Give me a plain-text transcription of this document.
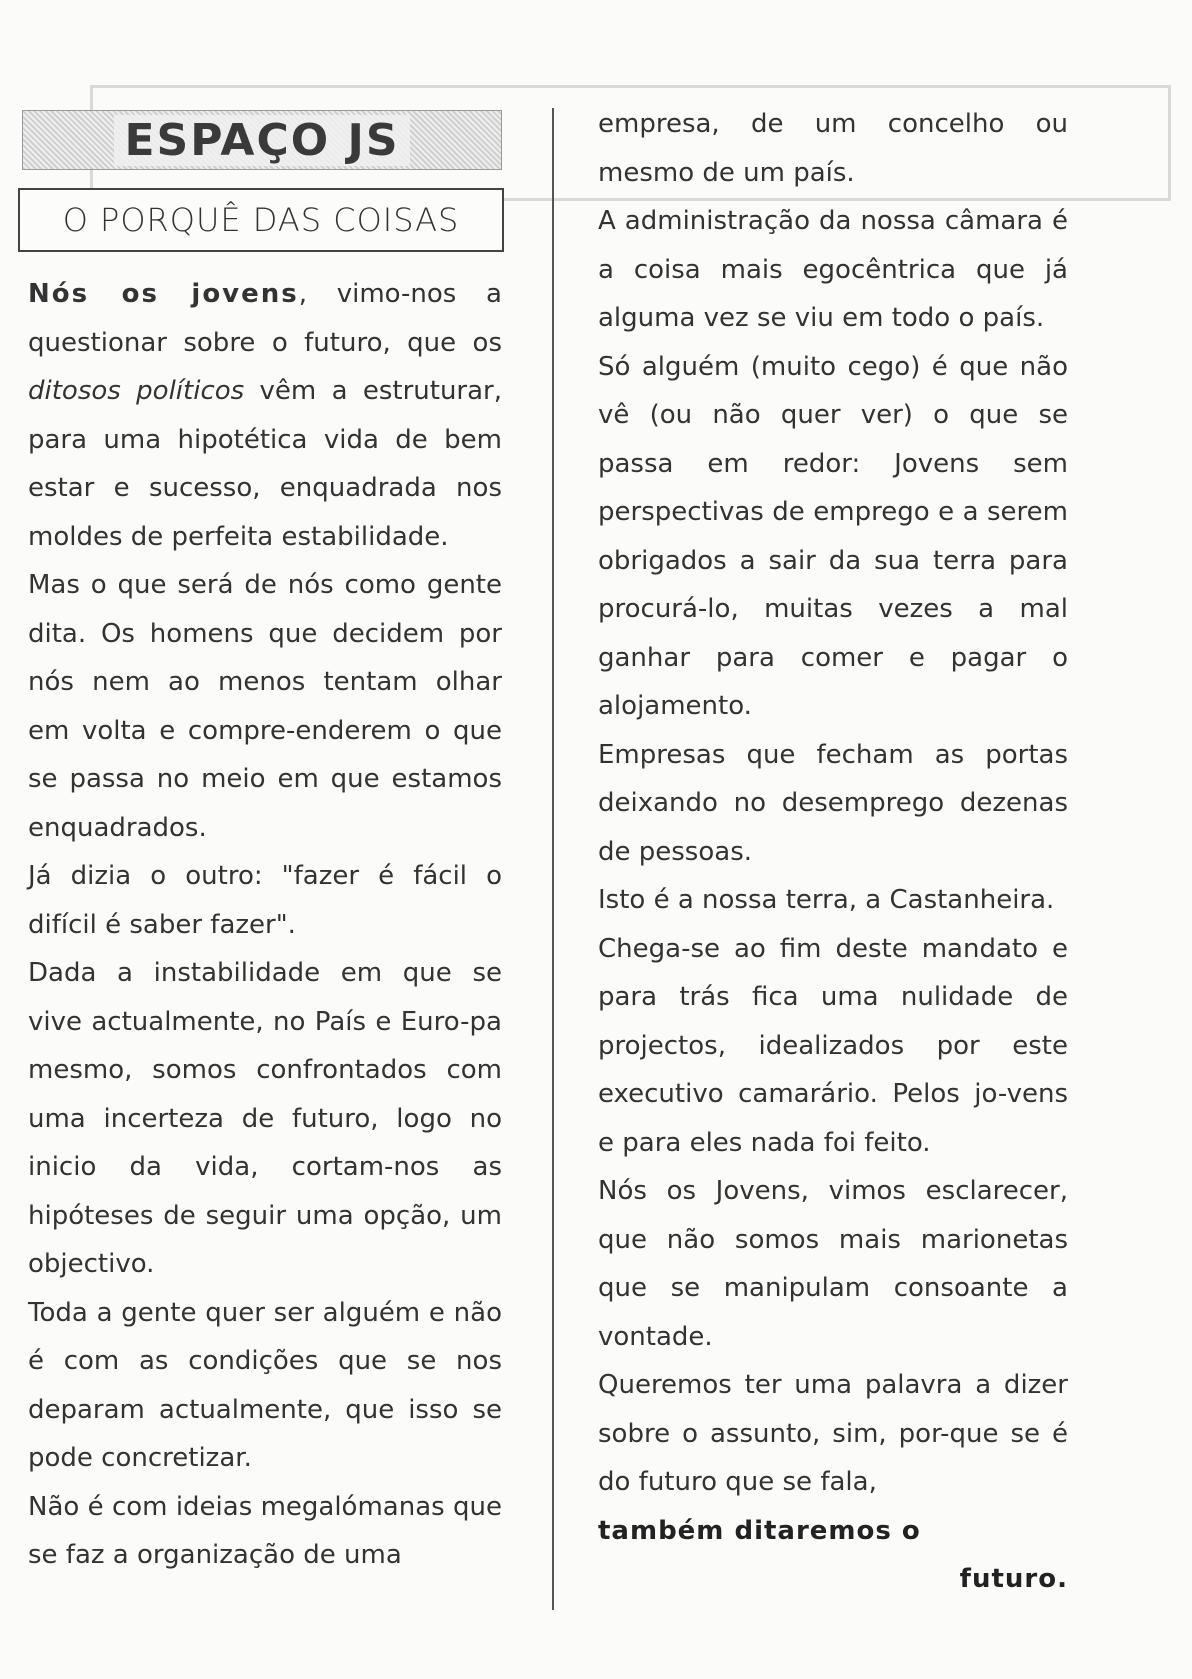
ESPAÇO JS
O PORQUÊ DAS COISAS

Nós os jovens, vimo-nos a questionar sobre o futuro, que os ditosos políticos vêm a estruturar, para uma hipotética vida de bem estar e sucesso, enquadrada nos moldes de perfeita estabilidade.

Mas o que será de nós como gente dita. Os homens que decidem por nós nem ao menos tentam olhar em volta e compre-enderem o que se passa no meio em que estamos enquadrados.

Já dizia o outro: "fazer é fácil o difícil é saber fazer".

Dada a instabilidade em que se vive actualmente, no País e Euro-pa mesmo, somos confrontados com uma incerteza de futuro, logo no inicio da vida, cortam-nos as hipóteses de seguir uma opção, um objectivo.

Toda a gente quer ser alguém e não é com as condições que se nos deparam actualmente, que isso se pode concretizar.

Não é com ideias megalómanas que se faz a organização de uma

empresa, de um concelho ou mesmo de um país.

A administração da nossa câmara é a coisa mais egocêntrica que já alguma vez se viu em todo o país.

Só alguém (muito cego) é que não vê (ou não quer ver) o que se passa em redor: Jovens sem perspectivas de emprego e a serem obrigados a sair da sua terra para procurá-lo, muitas vezes a mal ganhar para comer e pagar o alojamento.

Empresas que fecham as portas deixando no desemprego dezenas de pessoas.

Isto é a nossa terra, a Castanheira.

Chega-se ao fim deste mandato e para trás fica uma nulidade de projectos, idealizados por este executivo camarário. Pelos jo-vens e para eles nada foi feito.

Nós os Jovens, vimos esclarecer, que não somos mais marionetas que se manipulam consoante a vontade.

Queremos ter uma palavra a dizer sobre o assunto, sim, por-que se é do futuro que se fala,

também ditaremos o

futuro.
